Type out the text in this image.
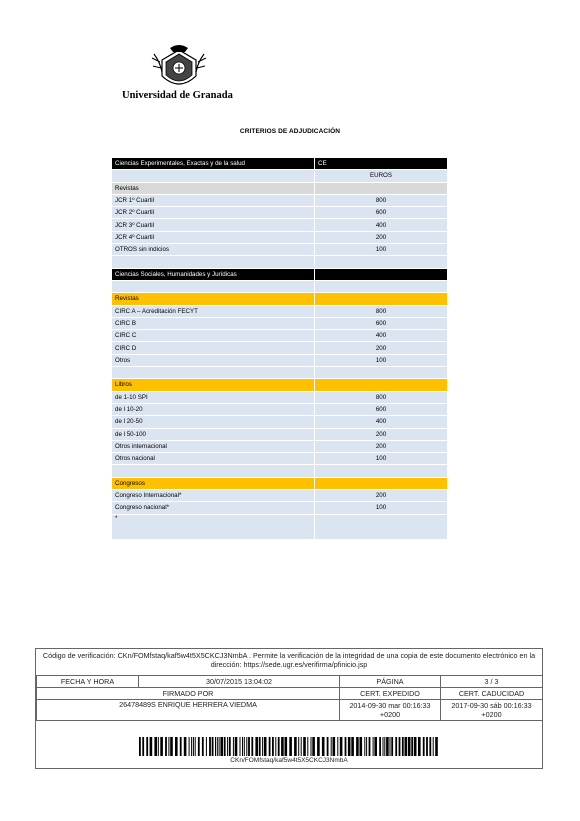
Universidad de Granada
CRITERIOS DE ADJUDICACIÓN
Ciencias Experimentales, Exactas y de la salud	CE
	EUROS
Revistas	
JCR 1º Cuartil	800
JCR 2º Cuartil	600
JCR 3º Cuartil	400
JCR 4º Cuartil	200
OTROS sin indicios	100

Ciencias Sociales, Humanidades y Jurídicas	

Revistas	
CIRC A – Acreditación FECYT	800
CIRC B	600
CIRC C	400
CIRC D	200
Otros	100

Libros	
de 1-10 SPI	800
de l 10-20	600
de l 20-50	400
de l 50-100	200
Otros internacional	200
Otros nacional	100

Congresos	
Congreso Internacional*	200
Congreso nacional*	100
*	
Código de verificación: CKn/FOMfstaq/kaf5w4t5X5CKCJ3NmbA . Permite la verificación de la integridad de una copia de este documento electrónico en la dirección: https://sede.ugr.es/verifirma/pfinicio.jsp
FECHA Y HORA	30/07/2015 13:04:02	PÁGINA	3 / 3
FIRMADO POR		CERT. EXPEDIDO	CERT. CADUCIDAD
26478489S ENRIQUE HERRERA VIEDMA		2014-09-30 mar 00:16:33 +0200	2017-09-30 sáb 00:16:33 +0200
CKn/FOMfstaq/kaf5w4t5X5CKCJ3NmbA
